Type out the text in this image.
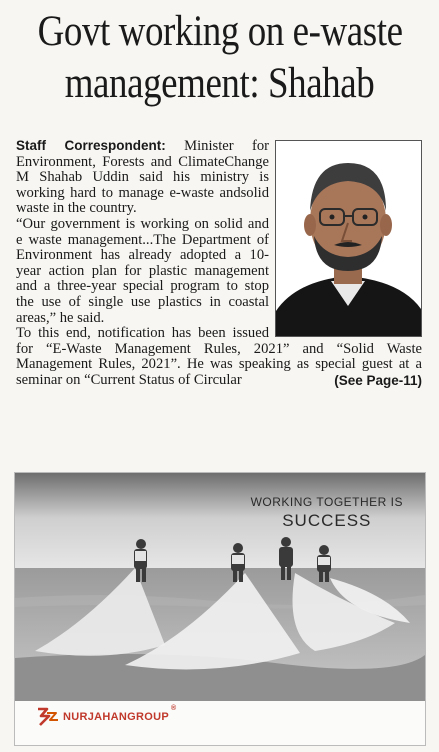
Govt working on e-waste
management: Shahab

Staff Correspondent: Minister for Environment, Forests and ClimateChange M Shahab Uddin said his ministry is working hard to manage e-waste andsolid waste in the country.

“Our government is working on solid and e waste management...The Department of Environment has already adopted a 10-year action plan for plastic management and a three-year special program to stop the use of single use plastics in coastal areas,” he said.

To this end, notification has been issued for “E-Waste Management Rules, 2021” and “Solid Waste Management Rules, 2021”. He was speaking as special guest at a seminar on “Current Status of Circular	(See Page-11)

WORKING TOGETHER IS
SUCCESS
NURJAHANGROUP
®
